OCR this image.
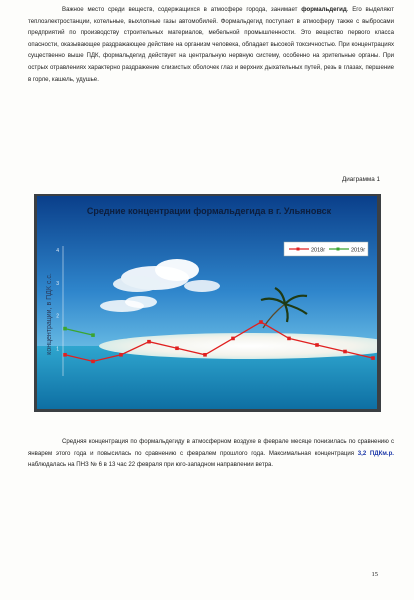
Важное место среди веществ, содержащихся в атмосфере города, занимает формальдегид. Его выделяют теплоэлектростанции, котельные, выхлопные газы автомобилей. Формальдегид поступает в атмосферу также с выбросами предприятий по производству строительных материалов, мебельной промышленности. Это вещество первого класса опасности, оказывающее раздражающее действие на организм человека, обладает высокой токсичностью. При концентрациях существенно выше ПДК, формальдегид действует на центральную нервную систему, особенно на зрительные органы. При острых отравлениях характерно раздражение слизистых оболочек глаз и верхних дыхательных путей, резь в глазах, першение в горле, кашель, удушье.

Диаграмма 1
Средние концентрации формальдегида в г. Ульяновск
концентрации, в ПДК с.с. 1
2
3
4	2018г	2019г

Средняя концентрация по формальдегиду в атмосферном воздухе в феврале месяце понизилась по сравнению с январем этого года и повысилась по сравнению с февралем прошлого года. Максимальная концентрация 3,2 ПДКм.р. наблюдалась на ПНЗ № 6 в 13 час 22 февраля при юго-западном направлении ветра.

15
